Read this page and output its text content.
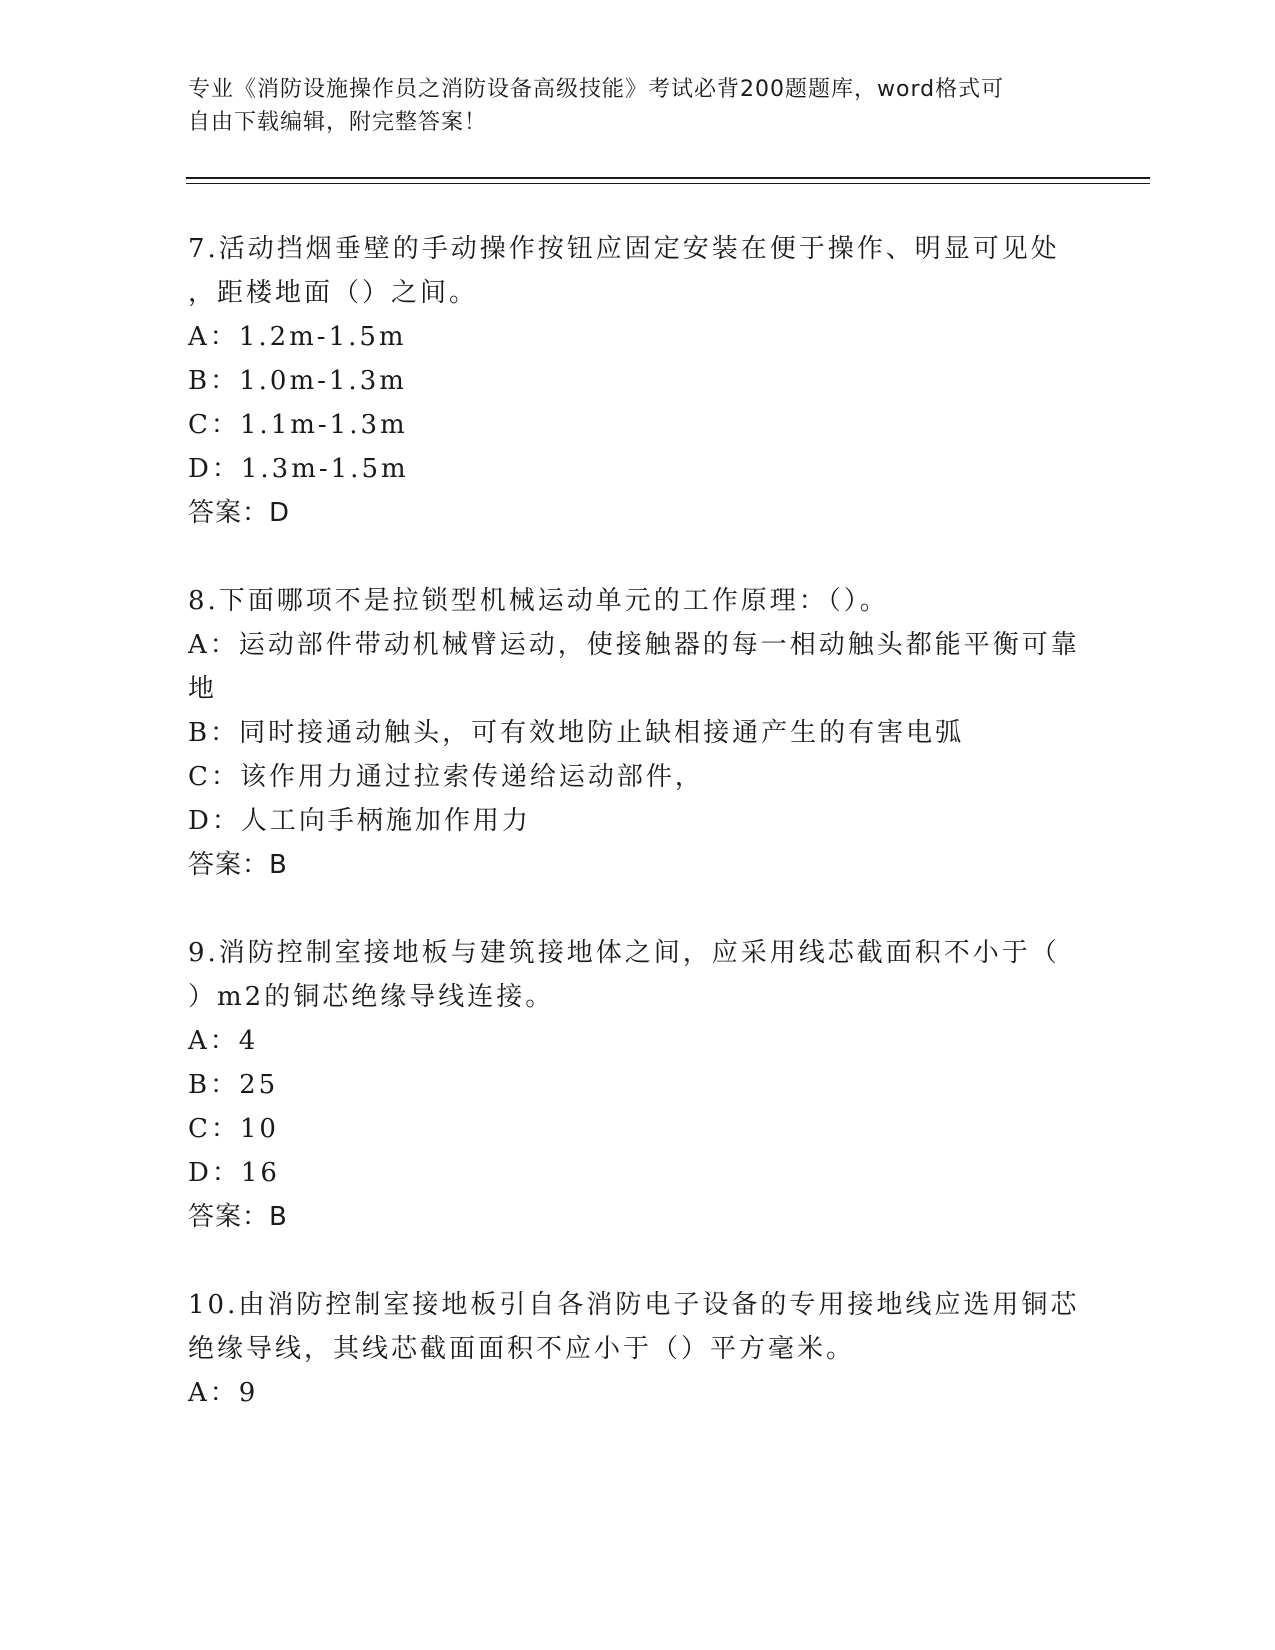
专业《消防设施操作员之消防设备高级技能》考试必背200题题库，word格式可
自由下载编辑，附完整答案！
7.活动挡烟垂壁的手动操作按钮应固定安装在便于操作、明显可见处
，距楼地面（）之间。
A：1.2m-1.5m
B：1.0m-1.3m
C：1.1m-1.3m
D：1.3m-1.5m
答案：D
8.下面哪项不是拉锁型机械运动单元的工作原理：（）。
A：运动部件带动机械臂运动，使接触器的每一相动触头都能平衡可靠
地
B：同时接通动触头，可有效地防止缺相接通产生的有害电弧
C：该作用力通过拉索传递给运动部件，
D：人工向手柄施加作用力
答案：B
9.消防控制室接地板与建筑接地体之间，应采用线芯截面积不小于（
）m2的铜芯绝缘导线连接。
A：4
B：25
C：10
D：16
答案：B
10.由消防控制室接地板引自各消防电子设备的专用接地线应选用铜芯
绝缘导线，其线芯截面面积不应小于（）平方毫米。
A：9
